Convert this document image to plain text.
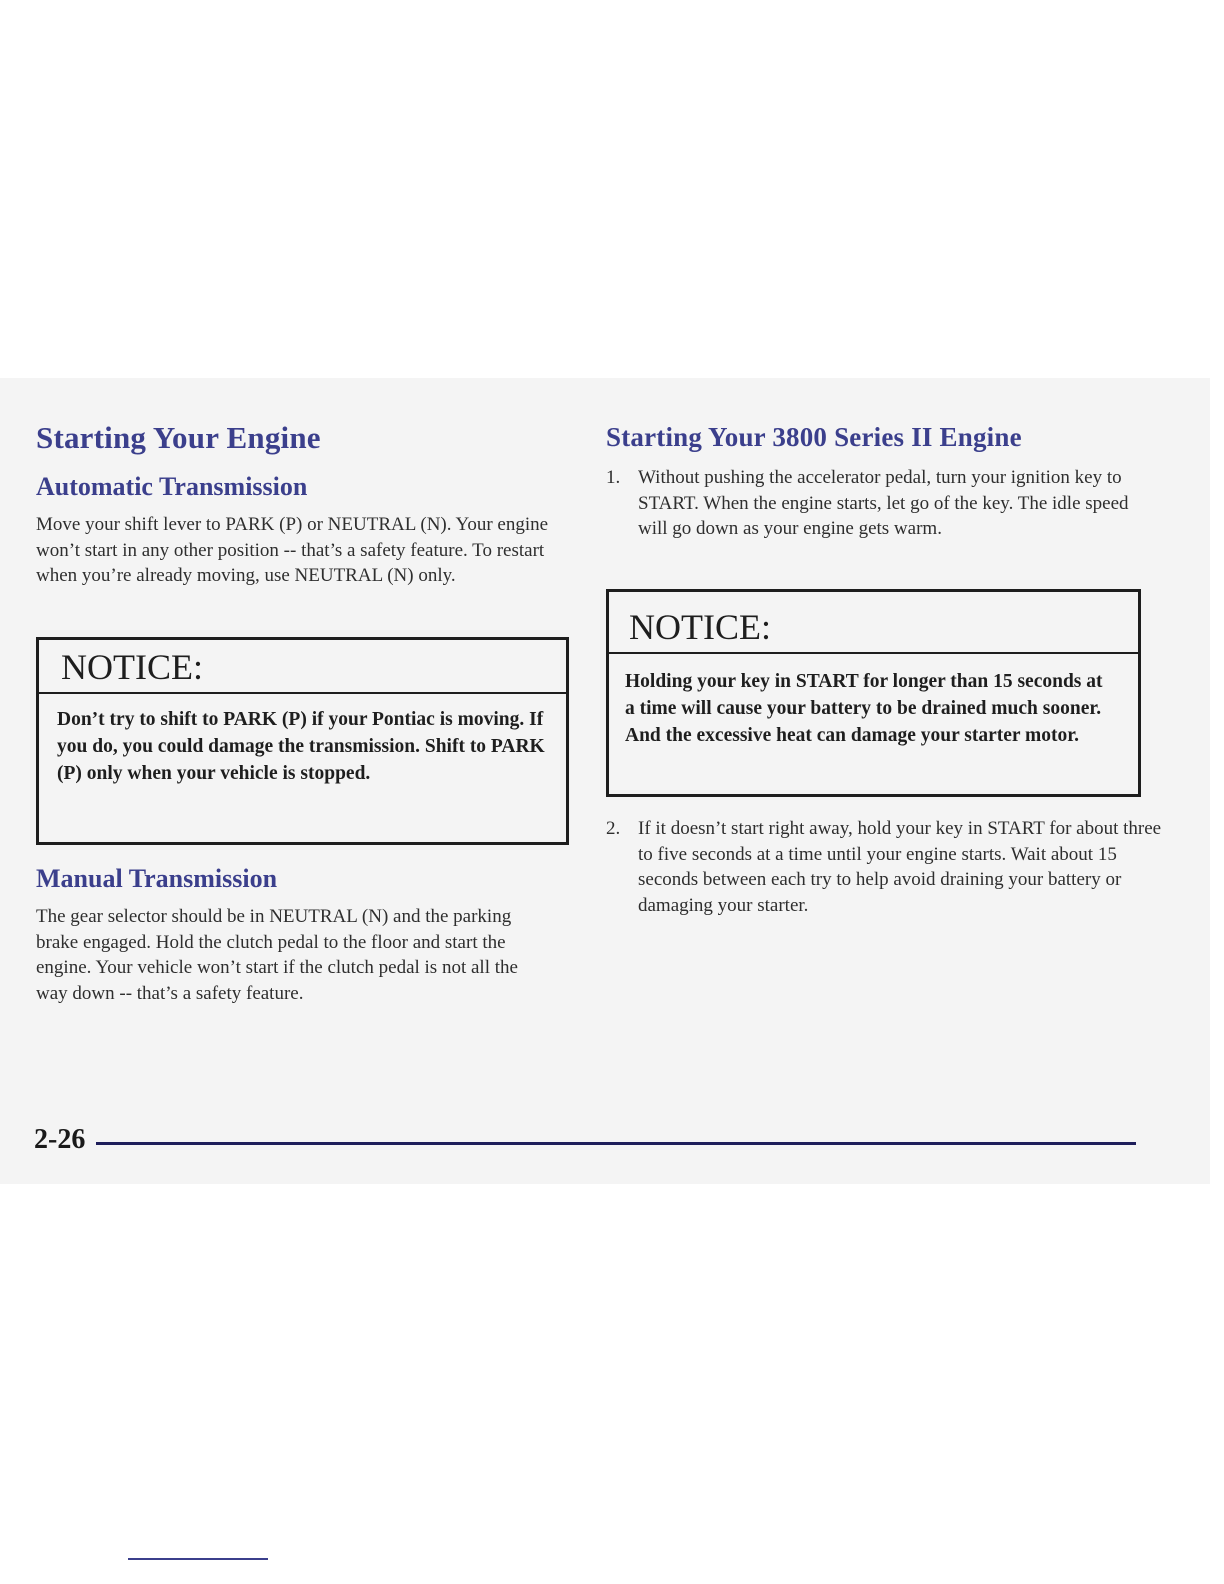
Starting Your Engine
Automatic Transmission

Move your shift lever to PARK (P) or NEUTRAL (N). Your engine won’t start in any other position -- that’s a safety feature. To restart when you’re already moving, use NEUTRAL (N) only.

NOTICE:
Don’t try to shift to PARK (P) if your Pontiac is moving. If you do, you could damage the transmission. Shift to PARK (P) only when your vehicle is stopped.
Manual Transmission

The gear selector should be in NEUTRAL (N) and the parking brake engaged. Hold the clutch pedal to the floor and start the engine. Your vehicle won’t start if the clutch pedal is not all the way down -- that’s a safety feature.

Starting Your 3800 Series II Engine
1. Without pushing the accelerator pedal, turn your ignition key to START. When the engine starts, let go of the key. The idle speed will go down as your engine gets warm.
NOTICE:
Holding your key in START for longer than 15 seconds at a time will cause your battery to be drained much sooner. And the excessive heat can damage your starter motor.
2. If it doesn’t start right away, hold your key in START for about three to five seconds at a time until your engine starts. Wait about 15 seconds between each try to help avoid draining your battery or damaging your starter.
2-26
